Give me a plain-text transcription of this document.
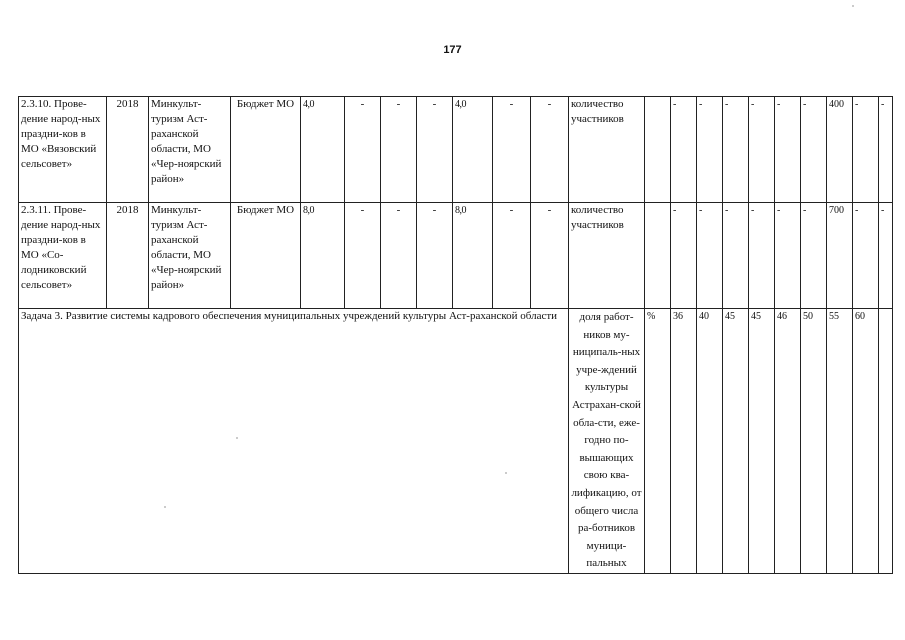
177
2.3.10. Прове-дение народ-ных праздни-ков в МО «Вязовский сельсовет»	2018	Минкульт-туризм Аст-раханской области, МО «Чер-ноярский район»	Бюджет МО	4,0	-	-	-	4,0	-	-	количество участников		-	-	-	-	-	-	400	-	-
2.3.11. Прове-дение народ-ных праздни-ков в МО «Со-лодниковский сельсовет»	2018	Минкульт-туризм Аст-раханской области, МО «Чер-ноярский район»	Бюджет МО	8,0	-	-	-	8,0	-	-	количество участников		-	-	-	-	-	-	700	-	-
Задача 3. Развитие системы кадрового обеспечения муниципальных учреждений культуры Аст-раханской области											доля работ-ников му-ниципаль-ных учре-ждений культуры Астрахан-ской обла-сти, еже-годно по-вышающих свою ква-лификацию, от общего числа ра-ботников муници-пальных	%	36	40	45	45	46	50	55	60	
